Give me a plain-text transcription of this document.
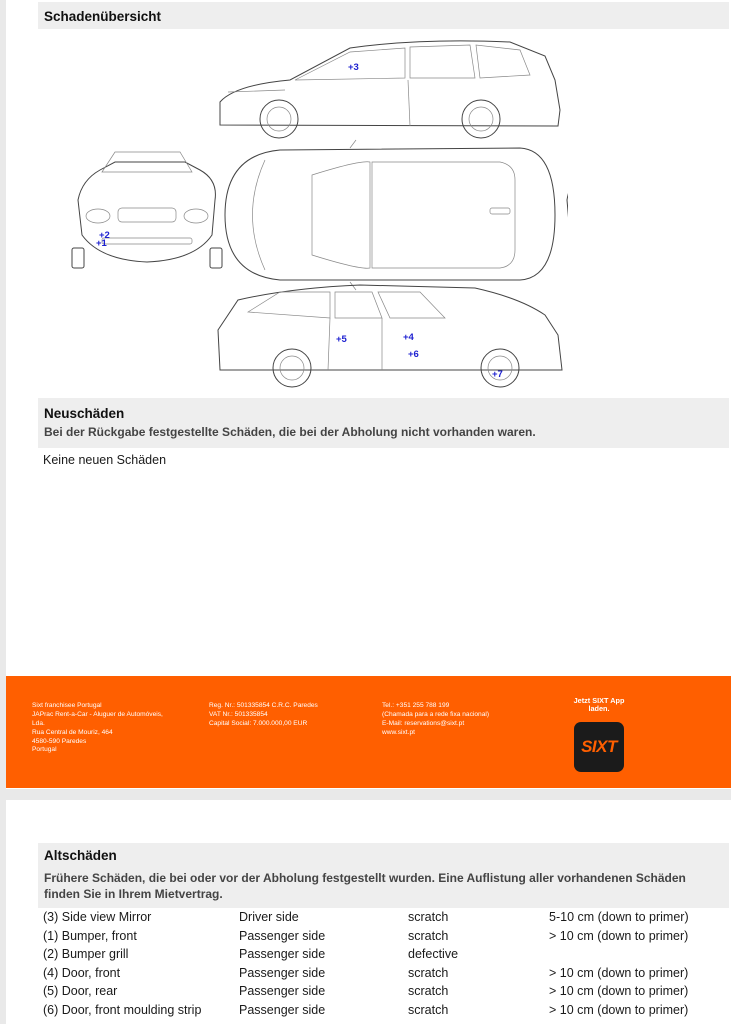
Schadenübersicht
+3
+2
+1
+5	+4
+6
+7
Neuschäden
Bei der Rückgabe festgestellte Schäden, die bei der Abholung nicht vorhanden waren.
Keine neuen Schäden
Sixt franchisee Portugal
JAPrac Rent-a-Car - Aluguer de Automóveis,
Lda.
Rua Central de Mouriz, 464
4580-590 Paredes
Portugal
Reg. Nr.: 501335854 C.R.C. Paredes
VAT Nr.: 501335854
Capital Social: 7.000.000,00 EUR
Tel.: +351 255 788 199
(Chamada para a rede fixa nacional)
E-Mail: reservations@sixt.pt
www.sixt.pt
Jetzt SIXT App
laden.
SIXT
Altschäden
Frühere Schäden, die bei oder vor der Abholung festgestellt wurden. Eine Auflistung aller vorhandenen Schäden finden Sie in Ihrem Mietvertrag.
(3) Side view Mirror	Driver side	scratch	5-10 cm (down to primer)
(1) Bumper, front	Passenger side	scratch	> 10 cm (down to primer)
(2) Bumper grill	Passenger side	defective
(4) Door, front	Passenger side	scratch	> 10 cm (down to primer)
(5) Door, rear	Passenger side	scratch	> 10 cm (down to primer)
(6) Door, front moulding strip	Passenger side	scratch	> 10 cm (down to primer)
